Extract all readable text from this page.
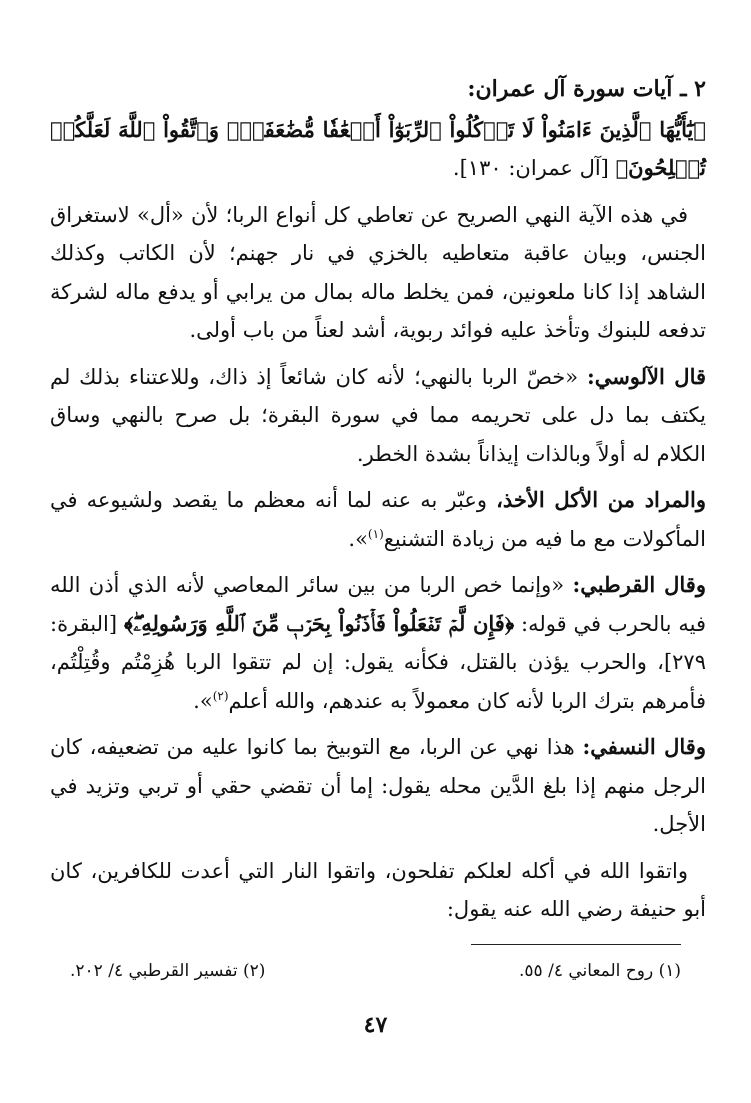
٢ ـ آيات سورة آل عمران:

﴿يَٰٓأَيُّهَا ٱلَّذِينَ ءَامَنُواْ لَا تَأۡكُلُواْ ٱلرِّبَوٰٓاْ أَضۡعَٰفٗا مُّضَٰعَفَةٗۖ وَٱتَّقُواْ ٱللَّهَ لَعَلَّكُمۡ تُفۡلِحُونَ﴾ [آل عمران: ١٣٠].

في هذه الآية النهي الصريح عن تعاطي كل أنواع الربا؛ لأن «أل» لاستغراق الجنس، وبيان عاقبة متعاطيه بالخزي في نار جهنم؛ لأن الكاتب وكذلك الشاهد إذا كانا ملعونين، فمن يخلط ماله بمال من يرابي أو يدفع ماله لشركة تدفعه للبنوك وتأخذ عليه فوائد ربوية، أشد لعناً من باب أولى.

قال الآلوسي: «خصّ الربا بالنهي؛ لأنه كان شائعاً إذ ذاك، وللاعتناء بذلك لم يكتف بما دل على تحريمه مما في سورة البقرة؛ بل صرح بالنهي وساق الكلام له أولاً وبالذات إيذاناً بشدة الخطر.

والمراد من الأكل الأخذ، وعبّر به عنه لما أنه معظم ما يقصد ولشيوعه في المأكولات مع ما فيه من زيادة التشنيع$^{(١)}$».

وقال القرطبي: «وإنما خص الربا من بين سائر المعاصي لأنه الذي أذن الله فيه بالحرب في قوله: ﴿فَإِن لَّمۡ تَفۡعَلُواْ فَأۡذَنُواْ بِحَرۡبٖ مِّنَ ٱللَّهِ وَرَسُولِهِۦۖ﴾ [البقرة: ٢٧٩]، والحرب يؤذن بالقتل، فكأنه يقول: إن لم تتقوا الربا هُزِمْتُم وقُتِلْتُم، فأمرهم بترك الربا لأنه كان معمولاً به عندهم، والله أعلم$^{(٢)}$».

وقال النسفي: هذا نهي عن الربا، مع التوبيخ بما كانوا عليه من تضعيفه، كان الرجل منهم إذا بلغ الدَّين محله يقول: إما أن تقضي حقي أو تربي وتزيد في الأجل.

واتقوا الله في أكله لعلكم تفلحون، واتقوا النار التي أعدت للكافرين، كان أبو حنيفة رضي الله عنه يقول:

(١) روح المعاني ٤/ ٥٥.
(٢) تفسير القرطبي ٤/ ٢٠٢.
٤٧
